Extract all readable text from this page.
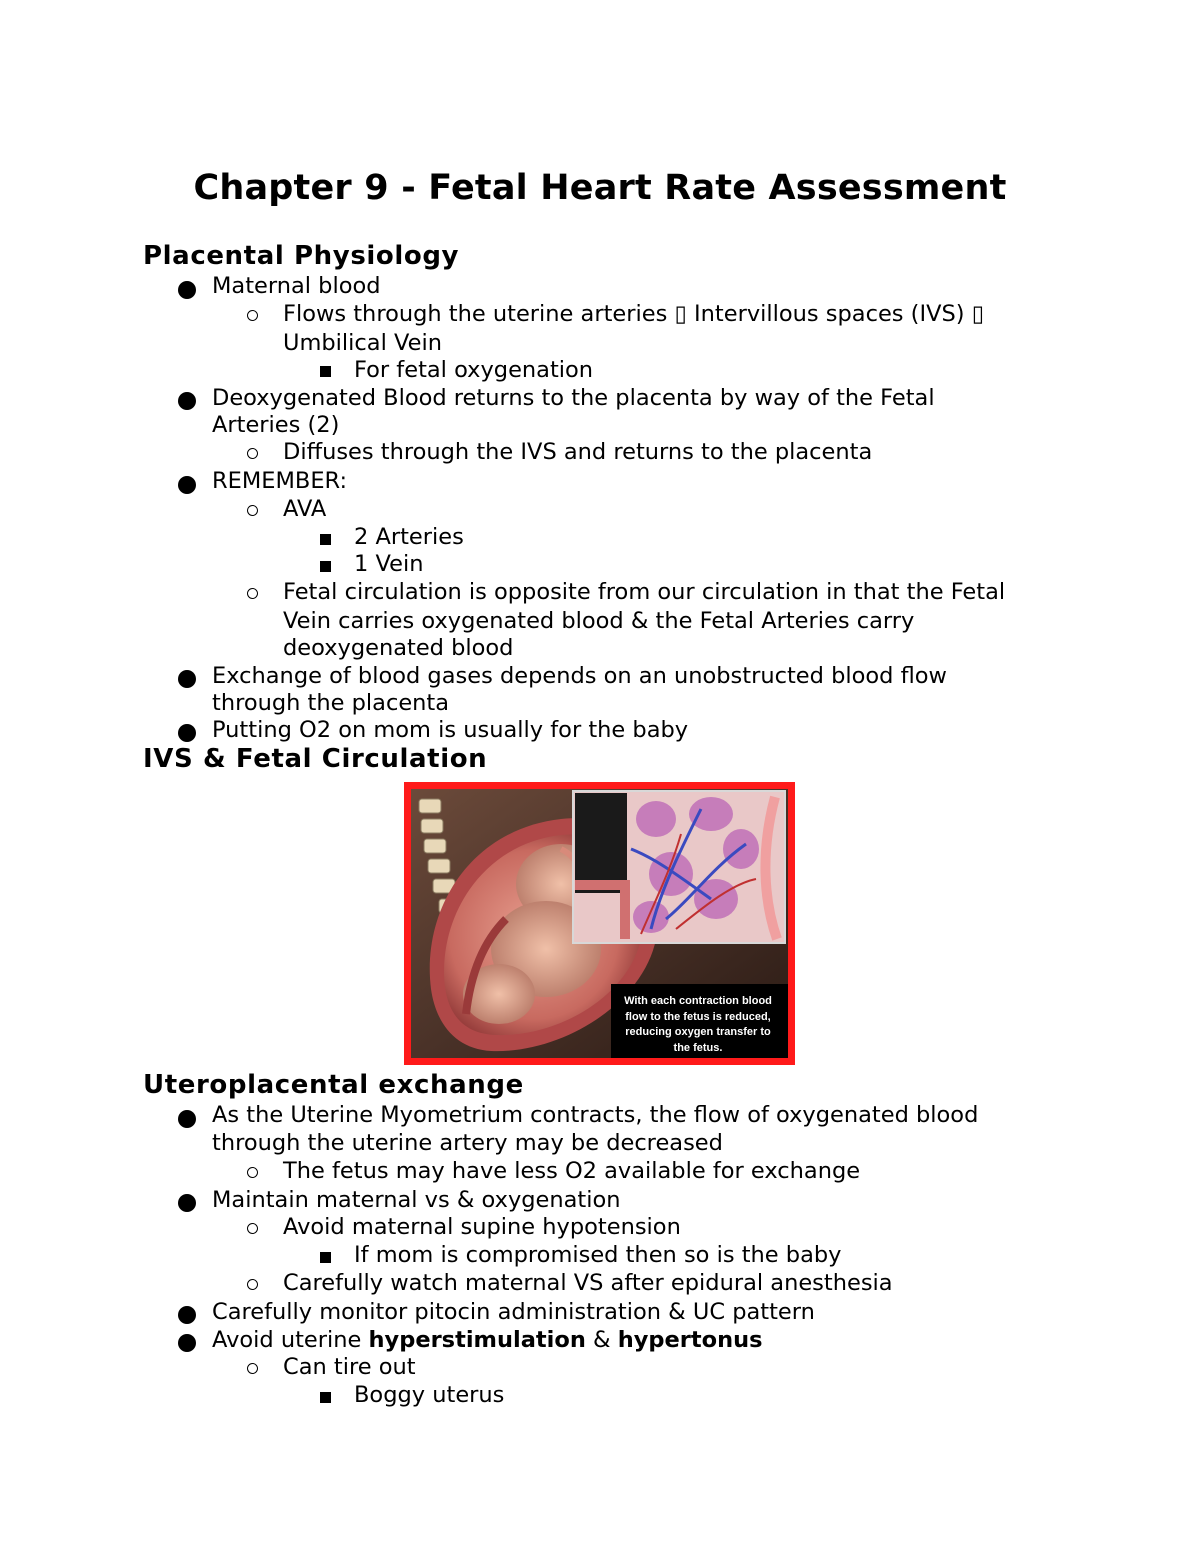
Chapter 9 - Fetal Heart Rate Assessment
Placental Physiology
Maternal blood
Flows through the uterine arteries ▯ Intervillous spaces (IVS) ▯
Umbilical Vein
For fetal oxygenation
Deoxygenated Blood returns to the placenta by way of the Fetal
Arteries (2)
Diffuses through the IVS and returns to the placenta
REMEMBER:
AVA
2 Arteries
1 Vein
Fetal circulation is opposite from our circulation in that the Fetal
Vein carries oxygenated blood & the Fetal Arteries carry
deoxygenated blood
Exchange of blood gases depends on an unobstructed blood flow
through the placenta
Putting O2 on mom is usually for the baby
IVS & Fetal Circulation
With each contraction blood flow to the fetus is reduced, reducing oxygen transfer to the fetus.
Uteroplacental exchange
As the Uterine Myometrium contracts, the flow of oxygenated blood
through the uterine artery may be decreased
The fetus may have less O2 available for exchange
Maintain maternal vs & oxygenation
Avoid maternal supine hypotension
If mom is compromised then so is the baby
Carefully watch maternal VS after epidural anesthesia
Carefully monitor pitocin administration & UC pattern
Avoid uterine hyperstimulation & hypertonus
Can tire out
Boggy uterus
